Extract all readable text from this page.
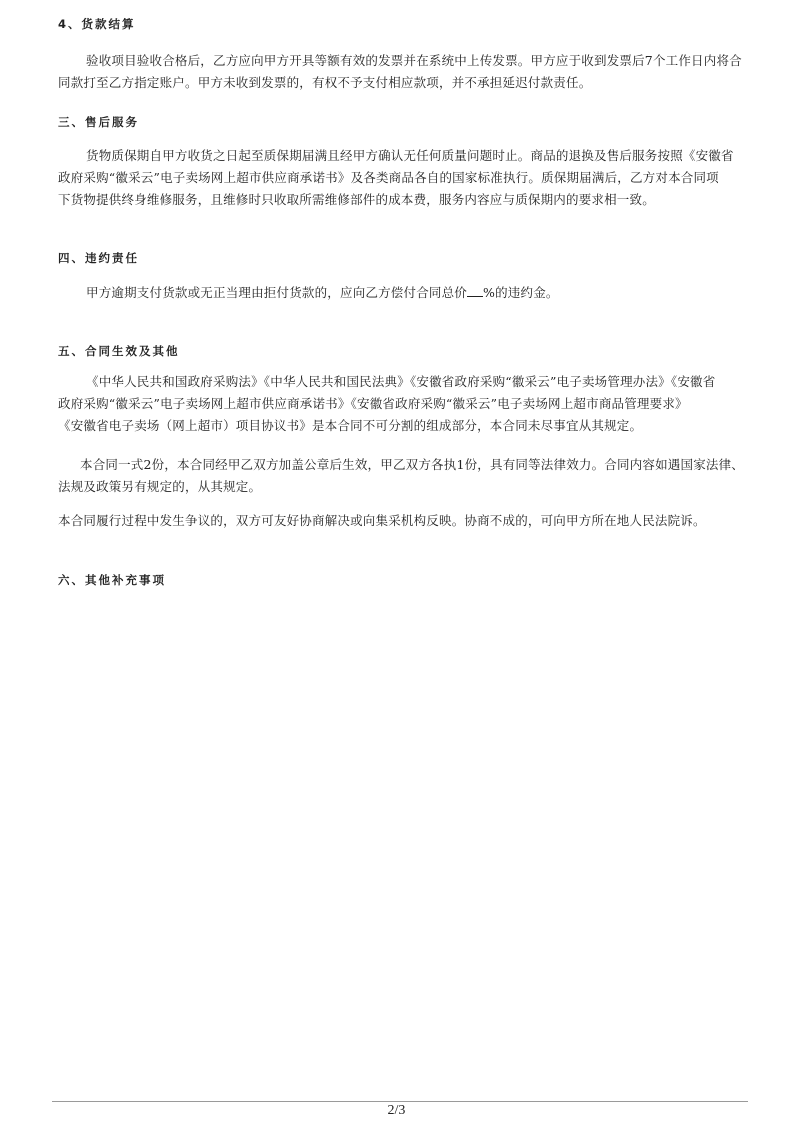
4、货款结算

验收项目验收合格后，乙方应向甲方开具等额有效的发票并在系统中上传发票。甲方应于收到发票后7个工作日内将合
同款打至乙方指定账户。甲方未收到发票的，有权不予支付相应款项，并不承担延迟付款责任。

三、售后服务

货物质保期自甲方收货之日起至质保期届满且经甲方确认无任何质量问题时止。商品的退换及售后服务按照《安徽省
政府采购“徽采云”电子卖场网上超市供应商承诺书》及各类商品各自的国家标准执行。质保期届满后，乙方对本合同项
下货物提供终身维修服务，且维修时只收取所需维修部件的成本费，服务内容应与质保期内的要求相一致。

四、违约责任

甲方逾期支付货款或无正当理由拒付货款的，应向乙方偿付合同总价 %的违约金。

五、合同生效及其他

《中华人民共和国政府采购法》《中华人民共和国民法典》《安徽省政府采购“徽采云”电子卖场管理办法》《安徽省
政府采购“徽采云”电子卖场网上超市供应商承诺书》《安徽省政府采购“徽采云”电子卖场网上超市商品管理要求》
《安徽省电子卖场（网上超市）项目协议书》是本合同不可分割的组成部分，本合同未尽事宜从其规定。

本合同一式2份，本合同经甲乙双方加盖公章后生效，甲乙双方各执1份，具有同等法律效力。合同内容如遇国家法律、
法规及政策另有规定的，从其规定。

本合同履行过程中发生争议的，双方可友好协商解决或向集采机构反映。协商不成的，可向甲方所在地人民法院诉。

六、其他补充事项
2/3
